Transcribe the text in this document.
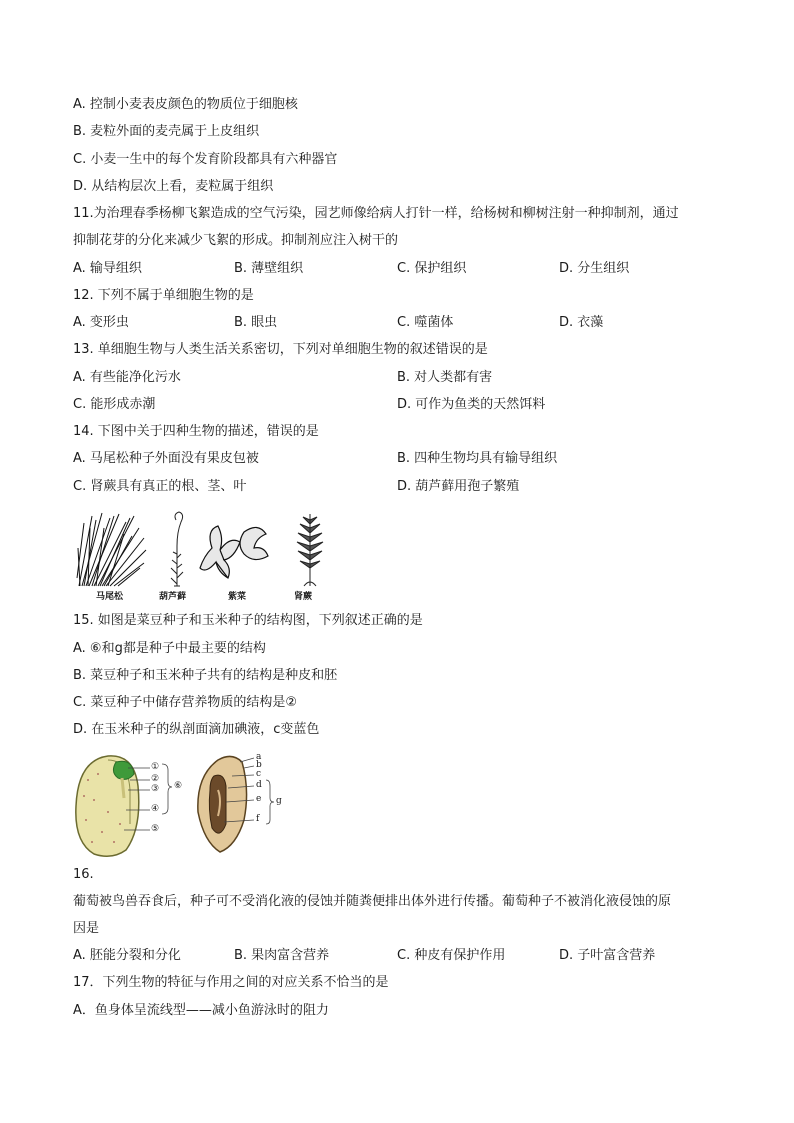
A. 控制小麦表皮颜色的物质位于细胞核
B. 麦粒外面的麦壳属于上皮组织
C. 小麦一生中的每个发育阶段都具有六种器官
D. 从结构层次上看，麦粒属于组织
11.为治理春季杨柳飞絮造成的空气污染，园艺师像给病人打针一样，给杨树和柳树注射一种抑制剂，通过
抑制花芽的分化来减少飞絮的形成。抑制剂应注入树干的
A. 输导组织	B. 薄壁组织	C. 保护组织	D. 分生组织
12. 下列不属于单细胞生物的是
A. 变形虫	B. 眼虫	C. 噬菌体	D. 衣藻
13. 单细胞生物与人类生活关系密切，下列对单细胞生物的叙述错误的是
A. 有些能净化污水	B. 对人类都有害
C. 能形成赤潮	D. 可作为鱼类的天然饵料
14. 下图中关于四种生物的描述，错误的是
A. 马尾松种子外面没有果皮包被	B. 四种生物均具有输导组织
C. 肾蕨具有真正的根、茎、叶	D. 葫芦藓用孢子繁殖
马尾松	葫芦藓	紫菜	肾蕨
15. 如图是菜豆种子和玉米种子的结构图，下列叙述正确的是
A. ⑥和g都是种子中最主要的结构
B. 菜豆种子和玉米种子共有的结构是种皮和胚
C. 菜豆种子中储存营养物质的结构是②
D. 在玉米种子的纵剖面滴加碘液，c变蓝色
①
②
③
④
⑤
⑥
a
b
c
d
e
f
g
16.
葡萄被鸟兽吞食后，种子可不受消化液的侵蚀并随粪便排出体外进行传播。葡萄种子不被消化液侵蚀的原
因是
A. 胚能分裂和分化	B. 果肉富含营养	C. 种皮有保护作用	D. 子叶富含营养
17．下列生物的特征与作用之间的对应关系不恰当的是
A．鱼身体呈流线型——减小鱼游泳时的阻力
